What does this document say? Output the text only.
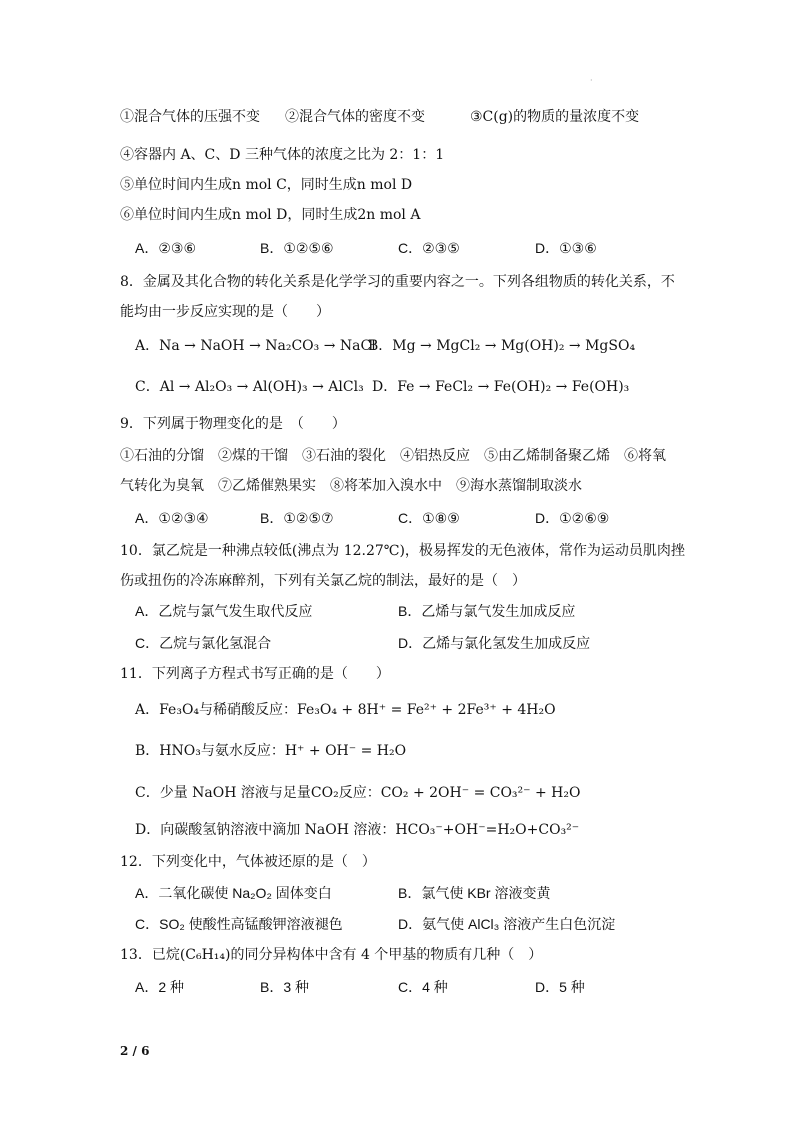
·
①混合气体的压强不变 ②混合气体的密度不变	③C(g)的物质的量浓度不变
④容器内 A、C、D 三种气体的浓度之比为 2：1：1
⑤单位时间内生成n mol C，同时生成n mol D
⑥单位时间内生成n mol D，同时生成2n mol A
A．②③⑥	B．①②⑤⑥	C．②③⑤	D．①③⑥
8．金属及其化合物的转化关系是化学学习的重要内容之一。下列各组物质的转化关系，不
能均由一步反应实现的是（　　）
A．Na → NaOH → Na₂CO₃ → NaCl
B．Mg → MgCl₂ → Mg(OH)₂ → MgSO₄
C．Al → Al₂O₃ → Al(OH)₃ → AlCl₃ D．Fe → FeCl₂ → Fe(OH)₂ → Fe(OH)₃
9．下列属于物理变化的是　（　　）
①石油的分馏　②煤的干馏　③石油的裂化　④铝热反应　⑤由乙烯制备聚乙烯　⑥将氧
气转化为臭氧　⑦乙烯催熟果实　⑧将苯加入溴水中　⑨海水蒸馏制取淡水
A．①②③④	B．①②⑤⑦	C．①⑧⑨	D．①②⑥⑨
10．氯乙烷是一种沸点较低(沸点为 12.27℃)，极易挥发的无色液体，常作为运动员肌肉挫
伤或扭伤的冷冻麻醉剂，下列有关氯乙烷的制法，最好的是（　）
A．乙烷与氯气发生取代反应	B．乙烯与氯气发生加成反应
C．乙烷与氯化氢混合	D．乙烯与氯化氢发生加成反应
11．下列离子方程式书写正确的是（　　）
A．Fe₃O₄与稀硝酸反应：Fe₃O₄ + 8H⁺ = Fe²⁺ + 2Fe³⁺ + 4H₂O
B．HNO₃与氨水反应：H⁺ + OH⁻ = H₂O
C．少量 NaOH 溶液与足量CO₂反应：CO₂ + 2OH⁻ = CO₃²⁻ + H₂O
D．向碳酸氢钠溶液中滴加 NaOH 溶液：HCO₃⁻+OH⁻=H₂O+CO₃²⁻
12．下列变化中，气体被还原的是（　）
A．二氧化碳使 Na₂O₂ 固体变白	B．氯气使 KBr 溶液变黄
C．SO₂ 使酸性高锰酸钾溶液褪色	D．氨气使 AlCl₃ 溶液产生白色沉淀
13．已烷(C₆H₁₄)的同分异构体中含有 4 个甲基的物质有几种（　）
A．2 种	B．3 种	C．4 种	D．5 种
2 / 6
